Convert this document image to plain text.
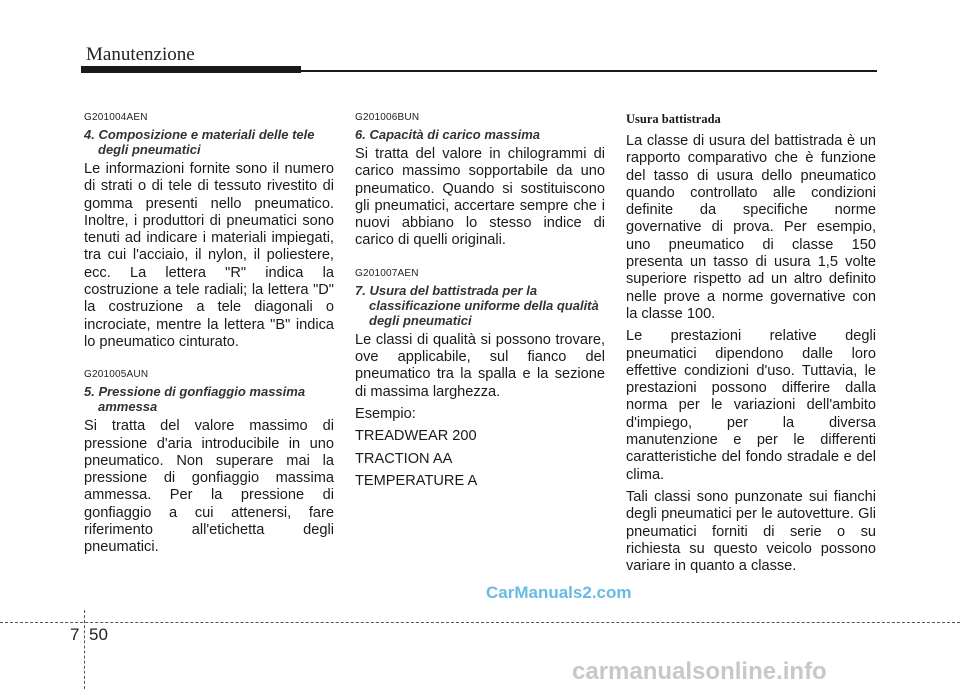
Manutenzione
G201004AEN
4. Composizione e materiali delle tele degli pneumatici

Le informazioni fornite sono il numero di strati o di tele di tessuto rivestito di gomma presenti nello pneumatico. Inoltre, i produttori di pneumatici sono tenuti ad indicare i materiali impiegati, tra cui l'acciaio, il nylon, il poliestere, ecc. La lettera "R" indica la costruzione a tele radiali; la lettera "D" la costruzione a tele diagonali o incrociate, mentre la lettera "B" indica lo pneumatico cinturato.

G201005AUN
5. Pressione di gonfiaggio massima ammessa

Si tratta del valore massimo di pressione d'aria introducibile in uno pneumatico. Non superare mai la pressione di gonfiaggio massima ammessa. Per la pressione di gonfiaggio a cui attenersi, fare riferimento all'etichetta degli pneumatici.

G201006BUN
6. Capacità di carico massima

Si tratta del valore in chilogrammi di carico massimo sopportabile da uno pneumatico. Quando si sostituiscono gli pneumatici, accertare sempre che i nuovi abbiano lo stesso indice di carico di quelli originali.

G201007AEN
7. Usura del battistrada per la classificazione uniforme della qualità degli pneumatici

Le classi di qualità si possono trovare, ove applicabile, sul fianco del pneumatico tra la spalla e la sezione di massima larghezza.

Esempio:

TREADWEAR 200

TRACTION AA

TEMPERATURE A

Usura battistrada

La classe di usura del battistrada è un rapporto comparativo che è funzione del tasso di usura dello pneumatico quando controllato alle condizioni definite da specifiche norme governative di prova. Per esempio, uno pneumatico di classe 150 presenta un tasso di usura 1,5 volte superiore rispetto ad un altro definito nelle prove a norme governative con la classe 100.

Le prestazioni relative degli pneumatici dipendono dalle loro effettive condizioni d'uso. Tuttavia, le prestazioni possono differire dalla norma per le variazioni dell'ambito d'impiego, per la diversa manutenzione e per le differenti caratteristiche del fondo stradale e del clima.

Tali classi sono punzonate sui fianchi degli pneumatici per le autovetture. Gli pneumatici forniti di serie o su richiesta su questo veicolo possono variare in quanto a classe.

CarManuals2.com
7 50
carmanualsonline.info
